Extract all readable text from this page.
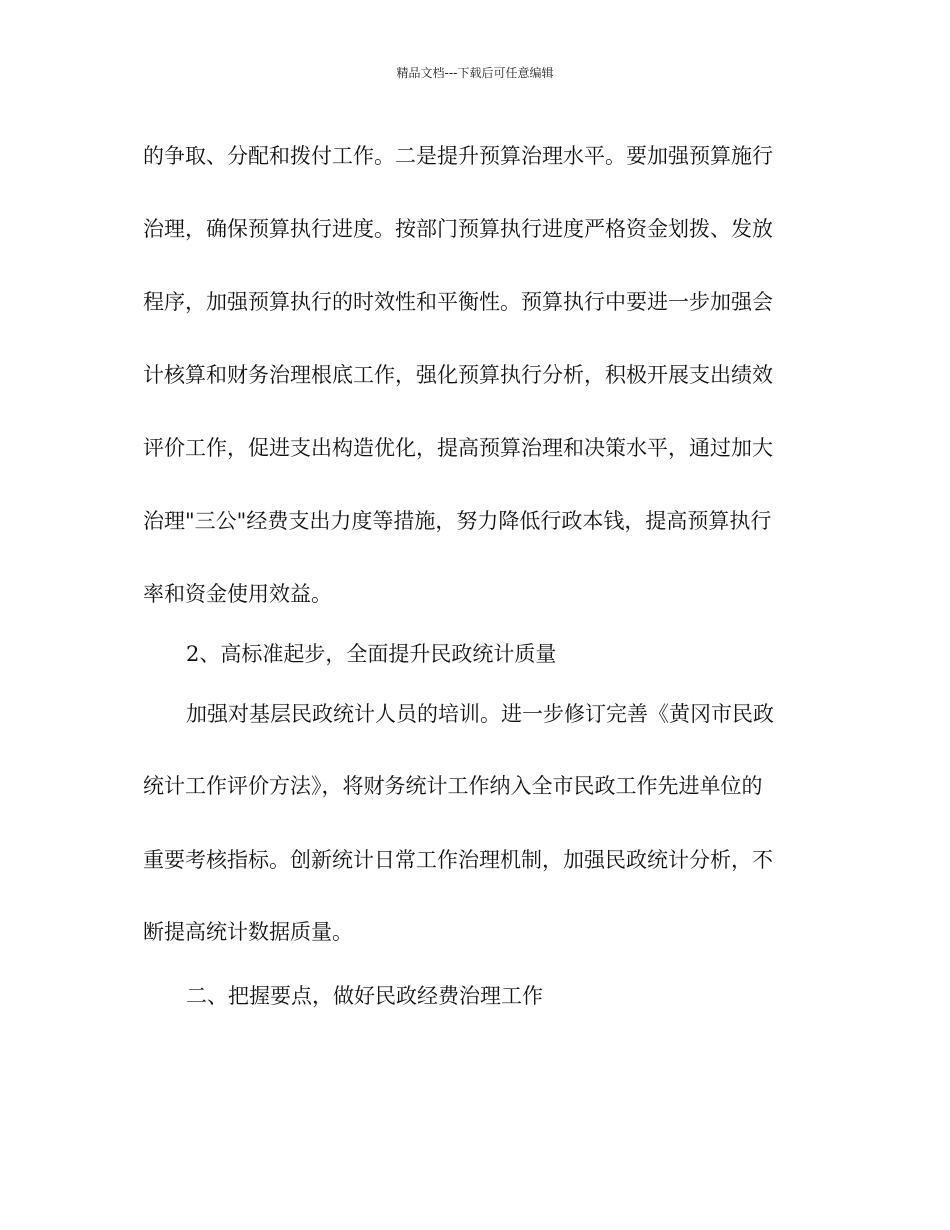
精品文档---下载后可任意编辑
的争取、分配和拨付工作。二是提升预算治理水平。要加强预算施行
治理，确保预算执行进度。按部门预算执行进度严格资金划拨、发放
程序，加强预算执行的时效性和平衡性。预算执行中要进一步加强会
计核算和财务治理根底工作，强化预算执行分析，积极开展支出绩效
评价工作，促进支出构造优化，提高预算治理和决策水平，通过加大
治理"三公"经费支出力度等措施，努力降低行政本钱，提高预算执行
率和资金使用效益。
2、高标准起步，全面提升民政统计质量
加强对基层民政统计人员的培训。进一步修订完善《黄冈市民政
统计工作评价方法》，将财务统计工作纳入全市民政工作先进单位的
重要考核指标。创新统计日常工作治理机制，加强民政统计分析，不
断提高统计数据质量。
二、把握要点，做好民政经费治理工作
